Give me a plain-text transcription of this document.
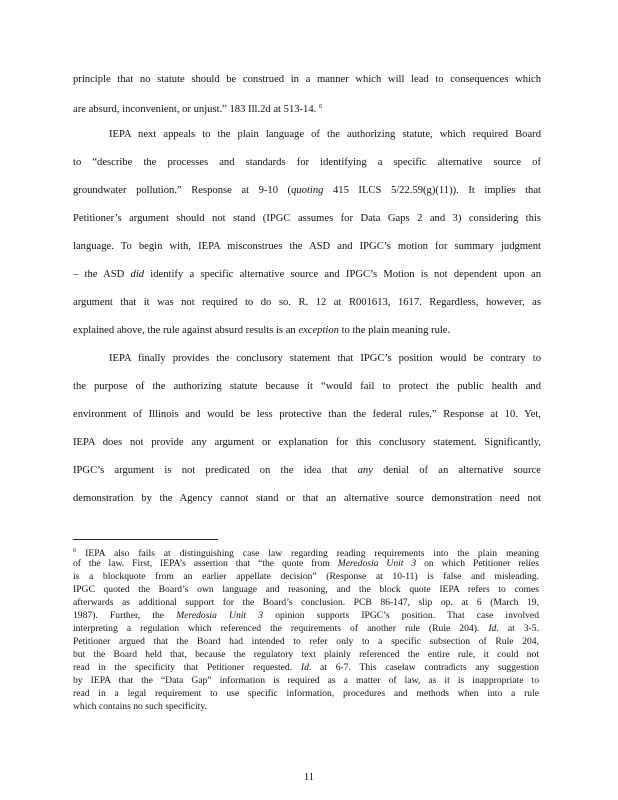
principle that no statute should be construed in a manner which will lead to consequences which
are absurd, inconvenient, or unjust.” 183 Ill.2d at 513-14. $^6$
IEPA next appeals to the plain language of the authorizing statute, which required Board
to “describe the processes and standards for identifying a specific alternative source of
groundwater pollution.” Response at 9-10 (quoting 415 ILCS 5/22.59(g)(11)). It implies that
Petitioner’s argument should not stand (IPGC assumes for Data Gaps 2 and 3) considering this
language. To begin with, IEPA misconstrues the ASD and IPGC’s motion for summary judgment
– the ASD did identify a specific alternative source and IPGC’s Motion is not dependent upon an
argument that it was not required to do so. R. 12 at R001613, 1617. Regardless, however, as
explained above, the rule against absurd results is an exception to the plain meaning rule.
IEPA finally provides the conclusory statement that IPGC’s position would be contrary to
the purpose of the authorizing statute because it “would fail to protect the public health and
environment of Illinois and would be less protective than the federal rules.” Response at 10. Yet,
IEPA does not provide any argument or explanation for this conclusory statement. Significantly,
IPGC’s argument is not predicated on the idea that any denial of an alternative source
demonstration by the Agency cannot stand or that an alternative source demonstration need not
$^6$ IEPA also fails at distinguishing case law regarding reading requirements into the plain meaning
of the law. First, IEPA’s assertion that “the quote from Meredosia Unit 3 on which Petitioner relies
is a blockquote from an earlier appellate decision” (Response at 10-11) is false and misleading.
IPGC quoted the Board’s own language and reasoning, and the block quote IEPA refers to comes
afterwards as additional support for the Board’s conclusion. PCB 86-147, slip op. at 6 (March 19,
1987). Further, the Meredosia Unit 3 opinion supports IPGC’s position. That case involved
interpreting a regulation which referenced the requirements of another rule (Rule 204). Id. at 3-5.
Petitioner argued that the Board had intended to refer only to a specific subsection of Rule 204,
but the Board held that, because the regulatory text plainly referenced the entire rule, it could not
read in the specificity that Petitioner requested. Id. at 6-7. This caselaw contradicts any suggestion
by IEPA that the “Data Gap” information is required as a matter of law, as it is inappropriate to
read in a legal requirement to use specific information, procedures and methods when into a rule
which contains no such specificity.
11
